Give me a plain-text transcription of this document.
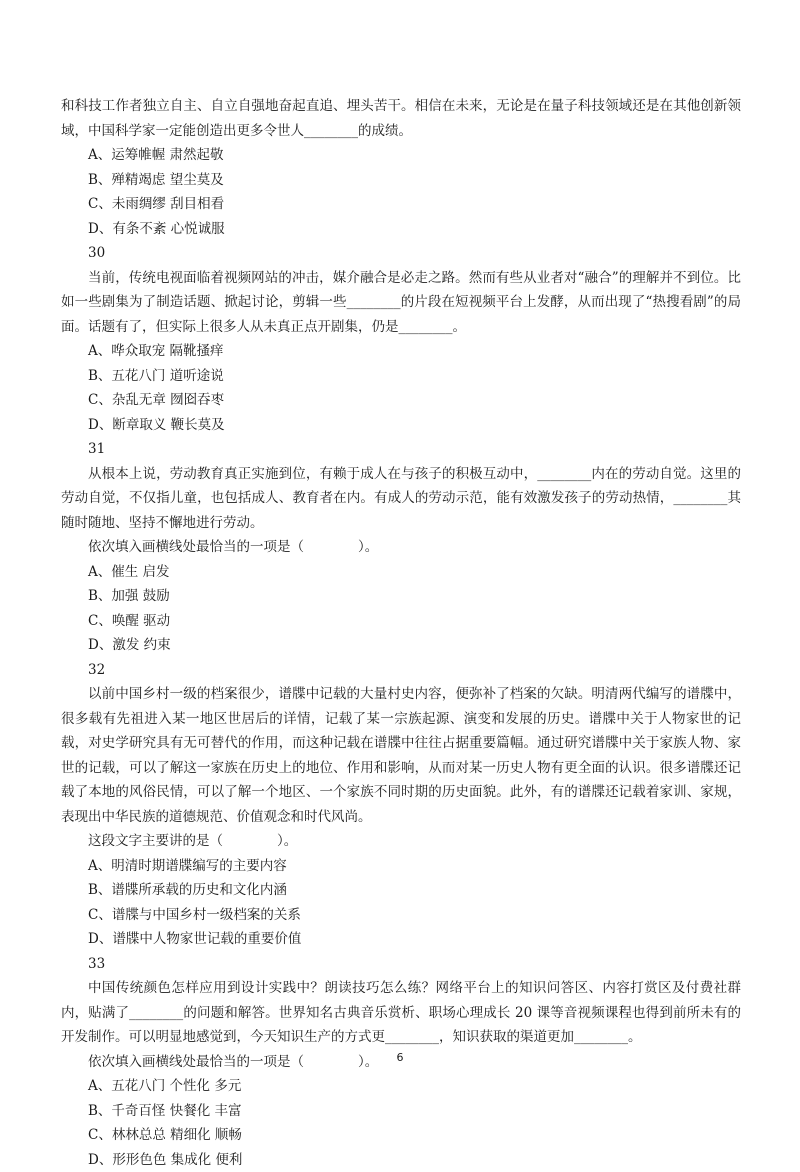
和科技工作者独立自主、自立自强地奋起直追、埋头苦干。相信在未来，无论是在量子科技领域还是在其他创新领域，中国科学家一定能创造出更多令世人________的成绩。

A、运筹帷幄 肃然起敬

B、殚精竭虑 望尘莫及

C、未雨绸缪 刮目相看

D、有条不紊 心悦诚服

30

当前，传统电视面临着视频网站的冲击，媒介融合是必走之路。然而有些从业者对“融合”的理解并不到位。比如一些剧集为了制造话题、掀起讨论，剪辑一些________的片段在短视频平台上发酵，从而出现了“热搜看剧”的局面。话题有了，但实际上很多人从未真正点开剧集，仍是________。

A、哗众取宠 隔靴搔痒

B、五花八门 道听途说

C、杂乱无章 囫囵吞枣

D、断章取义 鞭长莫及

31

从根本上说，劳动教育真正实施到位，有赖于成人在与孩子的积极互动中，________内在的劳动自觉。这里的劳动自觉，不仅指儿童，也包括成人、教育者在内。有成人的劳动示范，能有效激发孩子的劳动热情，________其随时随地、坚持不懈地进行劳动。

依次填入画横线处最恰当的一项是（　　　　）。

A、催生 启发

B、加强 鼓励

C、唤醒 驱动

D、激发 约束

32

以前中国乡村一级的档案很少，谱牒中记载的大量村史内容，便弥补了档案的欠缺。明清两代编写的谱牒中，很多载有先祖进入某一地区世居后的详情，记载了某一宗族起源、演变和发展的历史。谱牒中关于人物家世的记载，对史学研究具有无可替代的作用，而这种记载在谱牒中往往占据重要篇幅。通过研究谱牒中关于家族人物、家世的记载，可以了解这一家族在历史上的地位、作用和影响，从而对某一历史人物有更全面的认识。很多谱牒还记载了本地的风俗民情，可以了解一个地区、一个家族不同时期的历史面貌。此外，有的谱牒还记载着家训、家规，表现出中华民族的道德规范、价值观念和时代风尚。

这段文字主要讲的是（　　　　）。

A、明清时期谱牒编写的主要内容

B、谱牒所承载的历史和文化内涵

C、谱牒与中国乡村一级档案的关系

D、谱牒中人物家世记载的重要价值

33

中国传统颜色怎样应用到设计实践中？朗读技巧怎么练？网络平台上的知识问答区、内容打赏区及付费社群内，贴满了________的问题和解答。世界知名古典音乐赏析、职场心理成长 20 课等音视频课程也得到前所未有的开发制作。可以明显地感觉到，今天知识生产的方式更________，知识获取的渠道更加________。

依次填入画横线处最恰当的一项是（　　　　）。

A、五花八门 个性化 多元

B、千奇百怪 快餐化 丰富

C、林林总总 精细化 顺畅

D、形形色色 集成化 便利

6
